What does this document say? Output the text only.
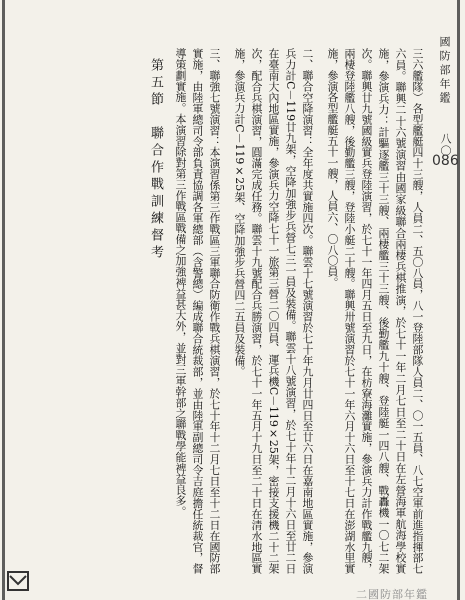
國防部年鑑
八〇
086

三六艦隊）各型艦艇四十三艘，人員二、五〇八員，八一登陸部隊人員二、〇一五員、八七空軍前進指揮部七六員。聯興二十六號演習由國家級聯合兩棲兵棋推演，於七十一年二月七日至二十日在左營海軍航海學校實施，參演兵力：計驅逐艦三十三艘、兩棲艦三十三艘、後勤艦九十艘、登陸艇一四八艘、戰轟機一〇七二架次。聯興廿九號國級實兵登陸演習，於七十一年四月五日至九日，在枋寮海灘實施，參演兵力計作戰艦九艘，兩棲登陸艦八艘，後勤艦三艘，登陸小艇二十艘。聯興卅號演習於七十一年六月十六日至十七日在澎湖水里實施，參演各型艦艇五十一艘，人員六、〇八〇員。

二、聯合空降演習：全年度共實施四次。聯雲十七號演習於七十年九月廿四日至廿六日在嘉南地區實施，參演兵力計C－119廿九架，空降加強步兵營七三一員及裝備。聯雲十八號演習，於七十年十二月十六日至廿二日在臺南大內地區實施，參演兵力空降七十一旅第三營二〇四員、運兵機C－119×25架，密接支援機二十二架次，配合兵棋演習，圓滿完成任務。聯雲十九號配合兵勝演習，於七十一年五月十九日至二十日在清水地區實施，參演兵力計C－119×25架、空降加強步兵營四二五員及裝備。

三、聯強七號演習：本演習係第三作戰區三軍聯合防衛作戰兵棋演習，於七十年十二月七日至十二日在國防部實施，由陸軍總司令部負責協調各軍總部（含警總）編成聯合統裁部，並由陸軍副總司令吉庭擔任統裁官，督導策劃實施。本演習除對第三作戰區戰備之加強裨益甚大外，並對三軍幹部之聯戰學能裨益良多。

第五節　聯合作戰訓練督考
二國防部年鑑
